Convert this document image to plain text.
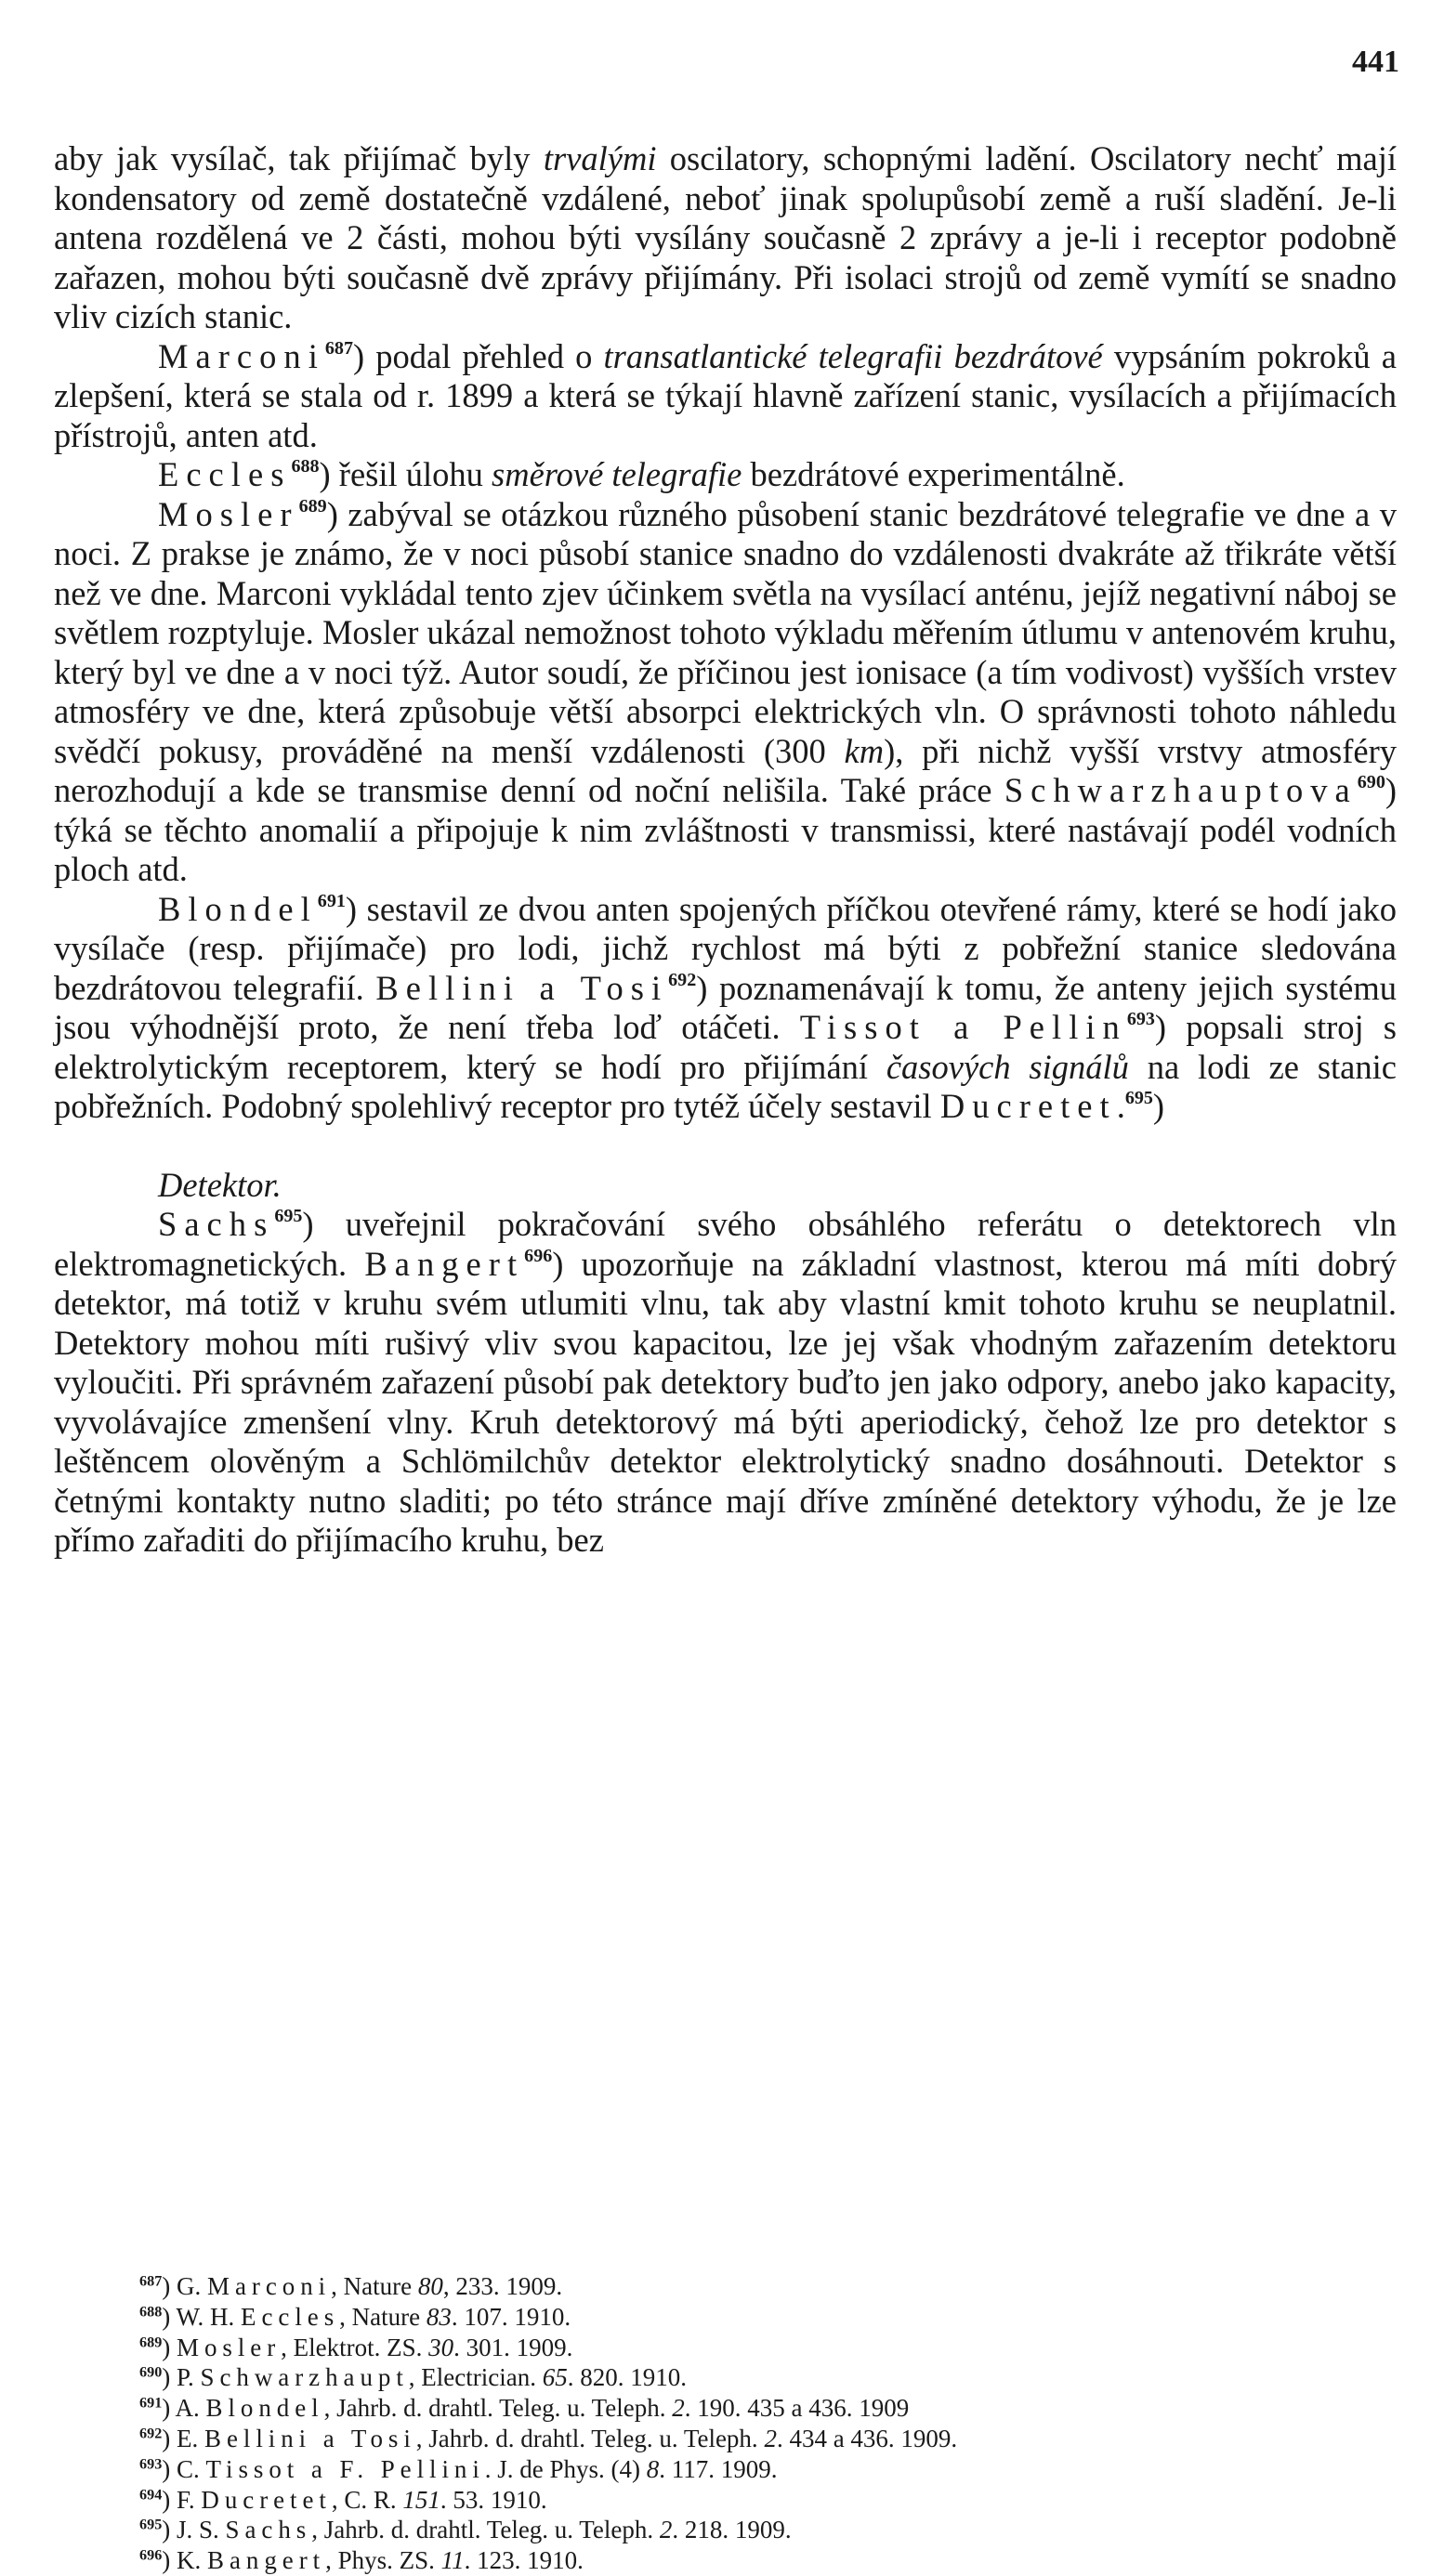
441

aby jak vysílač, tak přijímač byly trvalými oscilatory, schopnými ladění. Oscilatory nechť mají kondensatory od země dostatečně vzdálené, neboť jinak spolupůsobí země a ruší sladění. Je-li antena rozdělená ve 2 části, mohou býti vysílány současně 2 zprávy a je-li i receptor podobně zařazen, mohou býti současně dvě zprávy přijímány. Při isolaci strojů od země vymítí se snadno vliv cizích stanic.

Marconi$^{687}$) podal přehled o transatlantické telegrafii bezdrátové vypsáním pokroků a zlepšení, která se stala od r. 1899 a která se týkají hlavně zařízení stanic, vysílacích a přijímacích přístrojů, anten atd.

Eccles$^{688}$) řešil úlohu směrové telegrafie bezdrátové experimentálně.

Mosler$^{689}$) zabýval se otázkou různého působení stanic bezdrátové telegrafie ve dne a v noci. Z prakse je známo, že v noci působí stanice snadno do vzdálenosti dvakráte až třikráte větší než ve dne. Marconi vykládal tento zjev účinkem světla na vysílací anténu, jejíž negativní náboj se světlem rozptyluje. Mosler ukázal nemožnost tohoto výkladu měřením útlumu v antenovém kruhu, který byl ve dne a v noci týž. Autor soudí, že příčinou jest ionisace (a tím vodivost) vyšších vrstev atmosféry ve dne, která způsobuje větší absorpci elektrických vln. O správnosti tohoto náhledu svědčí pokusy, prováděné na menší vzdálenosti (300 km), při nichž vyšší vrstvy atmosféry nerozhodují a kde se transmise denní od noční nelišila. Také práce Schwarzhauptova$^{690}$) týká se těchto anomalií a připojuje k nim zvláštnosti v transmissi, které nastávají podél vodních ploch atd.

Blondel$^{691}$) sestavil ze dvou anten spojených příčkou otevřené rámy, které se hodí jako vysílače (resp. přijímače) pro lodi, jichž rychlost má býti z pobřežní stanice sledována bezdrátovou telegrafií. Bellini a Tosi$^{692}$) poznamenávají k tomu, že anteny jejich systému jsou výhodnější proto, že není třeba loď otáčeti. Tissot a Pellin$^{693}$) popsali stroj s elektrolytickým receptorem, který se hodí pro přijímání časových signálů na lodi ze stanic pobřežních. Podobný spolehlivý receptor pro tytéž účely sestavil Ducretet.$^{695}$)

Detektor.

Sachs$^{695}$) uveřejnil pokračování svého obsáhlého referátu o detektorech vln elektromagnetických. Bangert$^{696}$) upozorňuje na základní vlastnost, kterou má míti dobrý detektor, má totiž v kruhu svém utlumiti vlnu, tak aby vlastní kmit tohoto kruhu se neuplatnil. Detektory mohou míti rušivý vliv svou kapacitou, lze jej však vhodným zařazením detektoru vyloučiti. Při správném zařazení působí pak detektory buďto jen jako odpory, anebo jako kapacity, vyvolávajíce zmenšení vlny. Kruh detektorový má býti aperiodický, čehož lze pro detektor s leštěncem olověným a Schlömilchův detektor elektrolytický snadno dosáhnouti. Detektor s četnými kontakty nutno sladiti; po této stránce mají dříve zmíněné detektory výhodu, že je lze přímo zařaditi do přijímacího kruhu, bez

$^{687}$) G. Marconi, Nature 80, 233. 1909.
$^{688}$) W. H. Eccles, Nature 83. 107. 1910.
$^{689}$) Mosler, Elektrot. ZS. 30. 301. 1909.
$^{690}$) P. Schwarzhaupt, Electrician. 65. 820. 1910.
$^{691}$) A. Blondel, Jahrb. d. drahtl. Teleg. u. Teleph. 2. 190. 435 a 436. 1909
$^{692}$) E. Bellini a Tosi, Jahrb. d. drahtl. Teleg. u. Teleph. 2. 434 a 436. 1909.
$^{693}$) C. Tissot a F. Pellini. J. de Phys. (4) 8. 117. 1909.
$^{694}$) F. Ducretet, C. R. 151. 53. 1910.
$^{695}$) J. S. Sachs, Jahrb. d. drahtl. Teleg. u. Teleph. 2. 218. 1909.
$^{696}$) K. Bangert, Phys. ZS. 11. 123. 1910.
